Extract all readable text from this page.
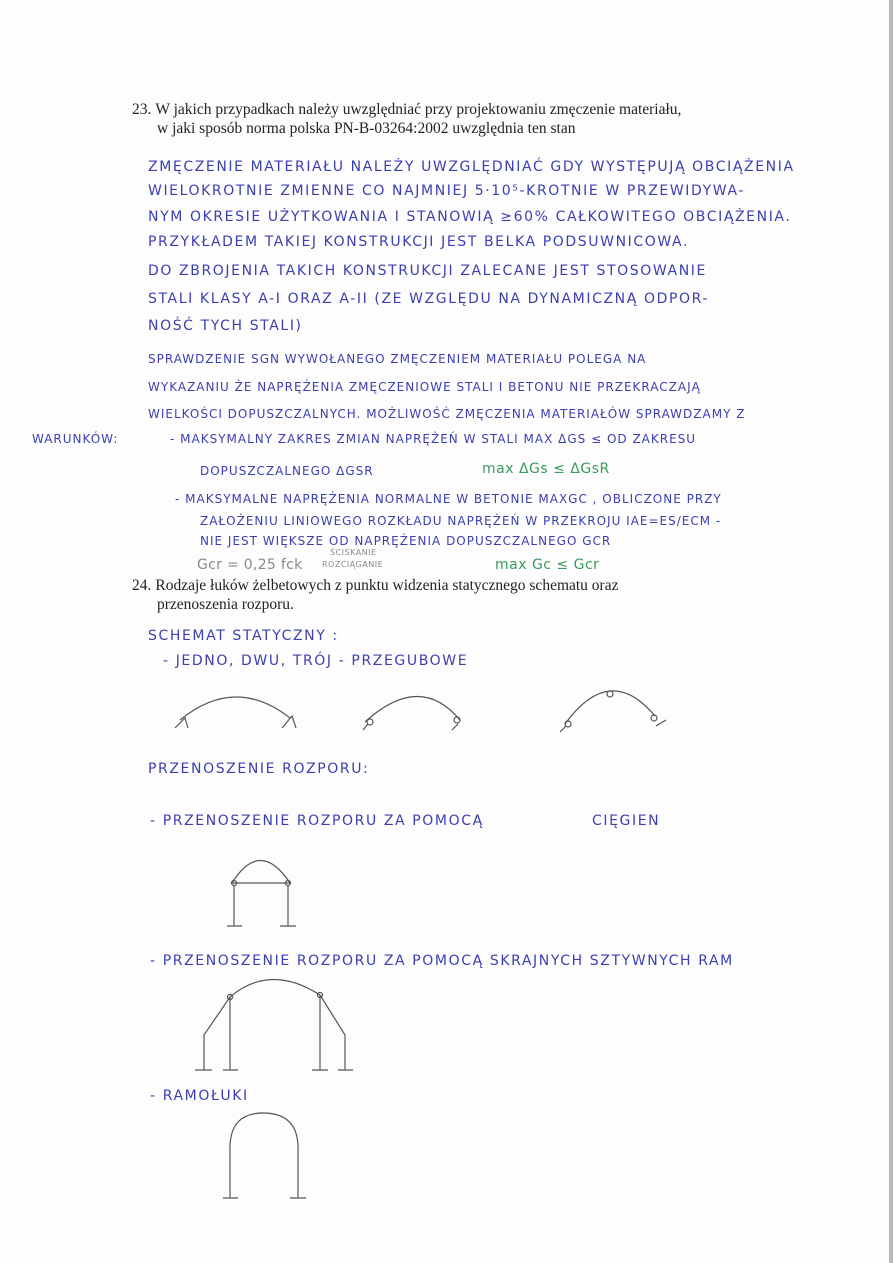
23. W jakich przypadkach należy uwzględniać przy projektowaniu zmęczenie materiału,
w jaki sposób norma polska PN-B-03264:2002 uwzględnia ten stan
ZMĘCZENIE MATERIAŁU NALEŻY UWZGLĘDNIAĆ GDY WYSTĘPUJĄ OBCIĄŻENIA
WIELOKROTNIE ZMIENNE CO NAJMNIEJ 5·10⁵-KROTNIE W PRZEWIDYWA-
NYM OKRESIE UŻYTKOWANIA I STANOWIĄ ≥60% CAŁKOWITEGO OBCIĄŻENIA.
PRZYKŁADEM TAKIEJ KONSTRUKCJI JEST BELKA PODSUWNICOWA.
DO ZBROJENIA TAKICH KONSTRUKCJI ZALECANE JEST STOSOWANIE
STALI KLASY A-I ORAZ A-II (ZE WZGLĘDU NA DYNAMICZNĄ ODPOR-
NOŚĆ TYCH STALI)
SPRAWDZENIE SGN WYWOŁANEGO ZMĘCZENIEM MATERIAŁU POLEGA NA
WYKAZANIU ŻE NAPRĘŻENIA ZMĘCZENIOWE STALI I BETONU NIE PRZEKRACZAJĄ
WIELKOŚCI DOPUSZCZALNYCH. MOŻLIWOŚĆ ZMĘCZENIA MATERIAŁÓW SPRAWDZAMY Z
WARUNKÓW:	- MAKSYMALNY ZAKRES ZMIAN NAPRĘŻEŃ W STALI MAX ΔGS ≤ OD ZAKRESU
DOPUSZCZALNEGO ΔGSR	max ΔGs ≤ ΔGsR
- MAKSYMALNE NAPRĘŻENIA NORMALNE W BETONIE MAXGC , OBLICZONE PRZY
ZAŁOŻENIU LINIOWEGO ROZKŁADU NAPRĘŻEŃ W PRZEKROJU IΑE=ES/ECM -
NIE JEST WIĘKSZE OD NAPRĘŻENIA DOPUSZCZALNEGO GCR
Gcr = 0,25 fck
ŚCISKANIE
ROZCIĄGANIE	max Gc ≤ Gcr
24. Rodzaje łuków żelbetowych z punktu widzenia statycznego schematu oraz
przenoszenia rozporu.
SCHEMAT STATYCZNY :
- JEDNO, DWU, TRÓJ - PRZEGUBOWE
PRZENOSZENIE ROZPORU:
- PRZENOSZENIE ROZPORU ZA POMOCĄ	CIĘGIEN
- PRZENOSZENIE ROZPORU ZA POMOCĄ SKRAJNYCH SZTYWNYCH RAM
- RAMOŁUKI
